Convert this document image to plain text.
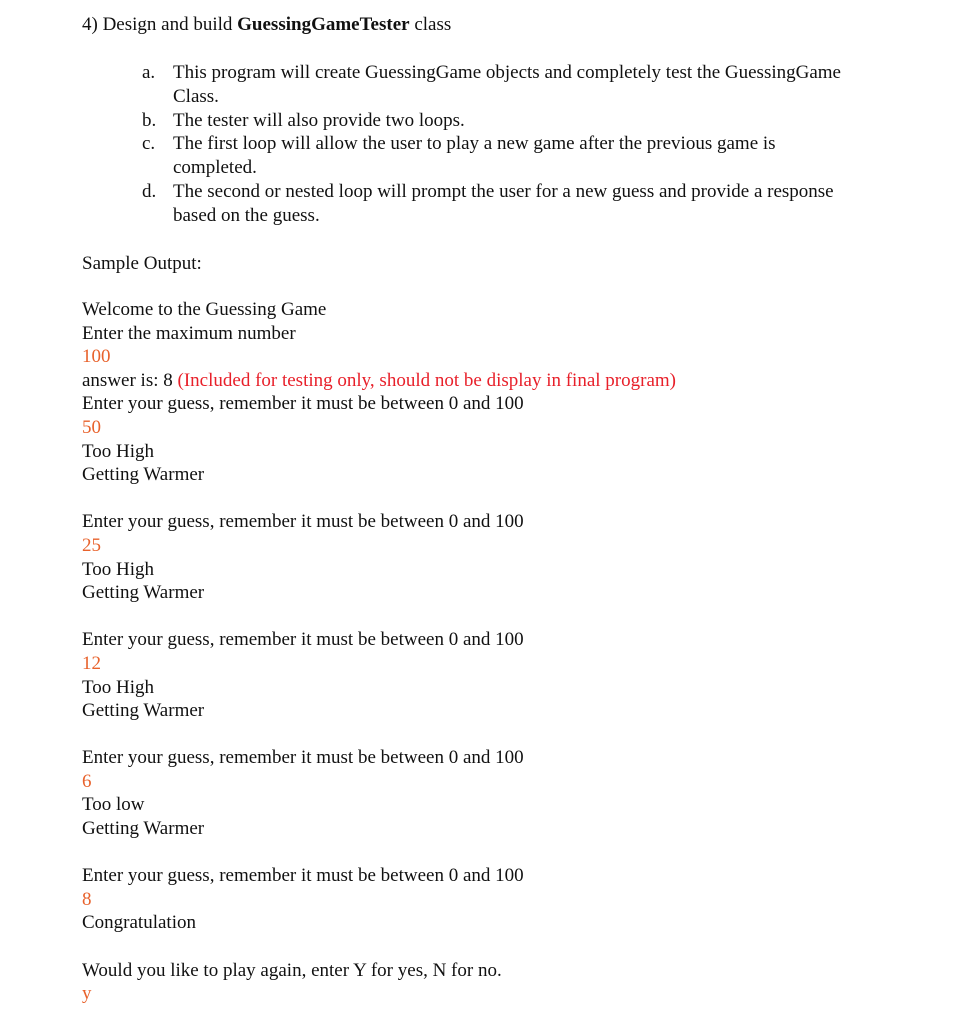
4) Design and build GuessingGameTester class
a. This program will create GuessingGame objects and completely test the GuessingGame Class.
b. The tester will also provide two loops.
c. The first loop will allow the user to play a new game after the previous game is completed.
d. The second or nested loop will prompt the user for a new guess and provide a response based on the guess.
Sample Output:
Welcome to the Guessing Game
Enter the maximum number
100
answer is: 8 (Included for testing only, should not be display in final program)
Enter your guess, remember it must be between 0 and 100
50
Too High
Getting Warmer
Enter your guess, remember it must be between 0 and 100
25
Too High
Getting Warmer
Enter your guess, remember it must be between 0 and 100
12
Too High
Getting Warmer
Enter your guess, remember it must be between 0 and 100
6
Too low
Getting Warmer
Enter your guess, remember it must be between 0 and 100
8
Congratulation
Would you like to play again, enter Y for yes, N for no.
y
